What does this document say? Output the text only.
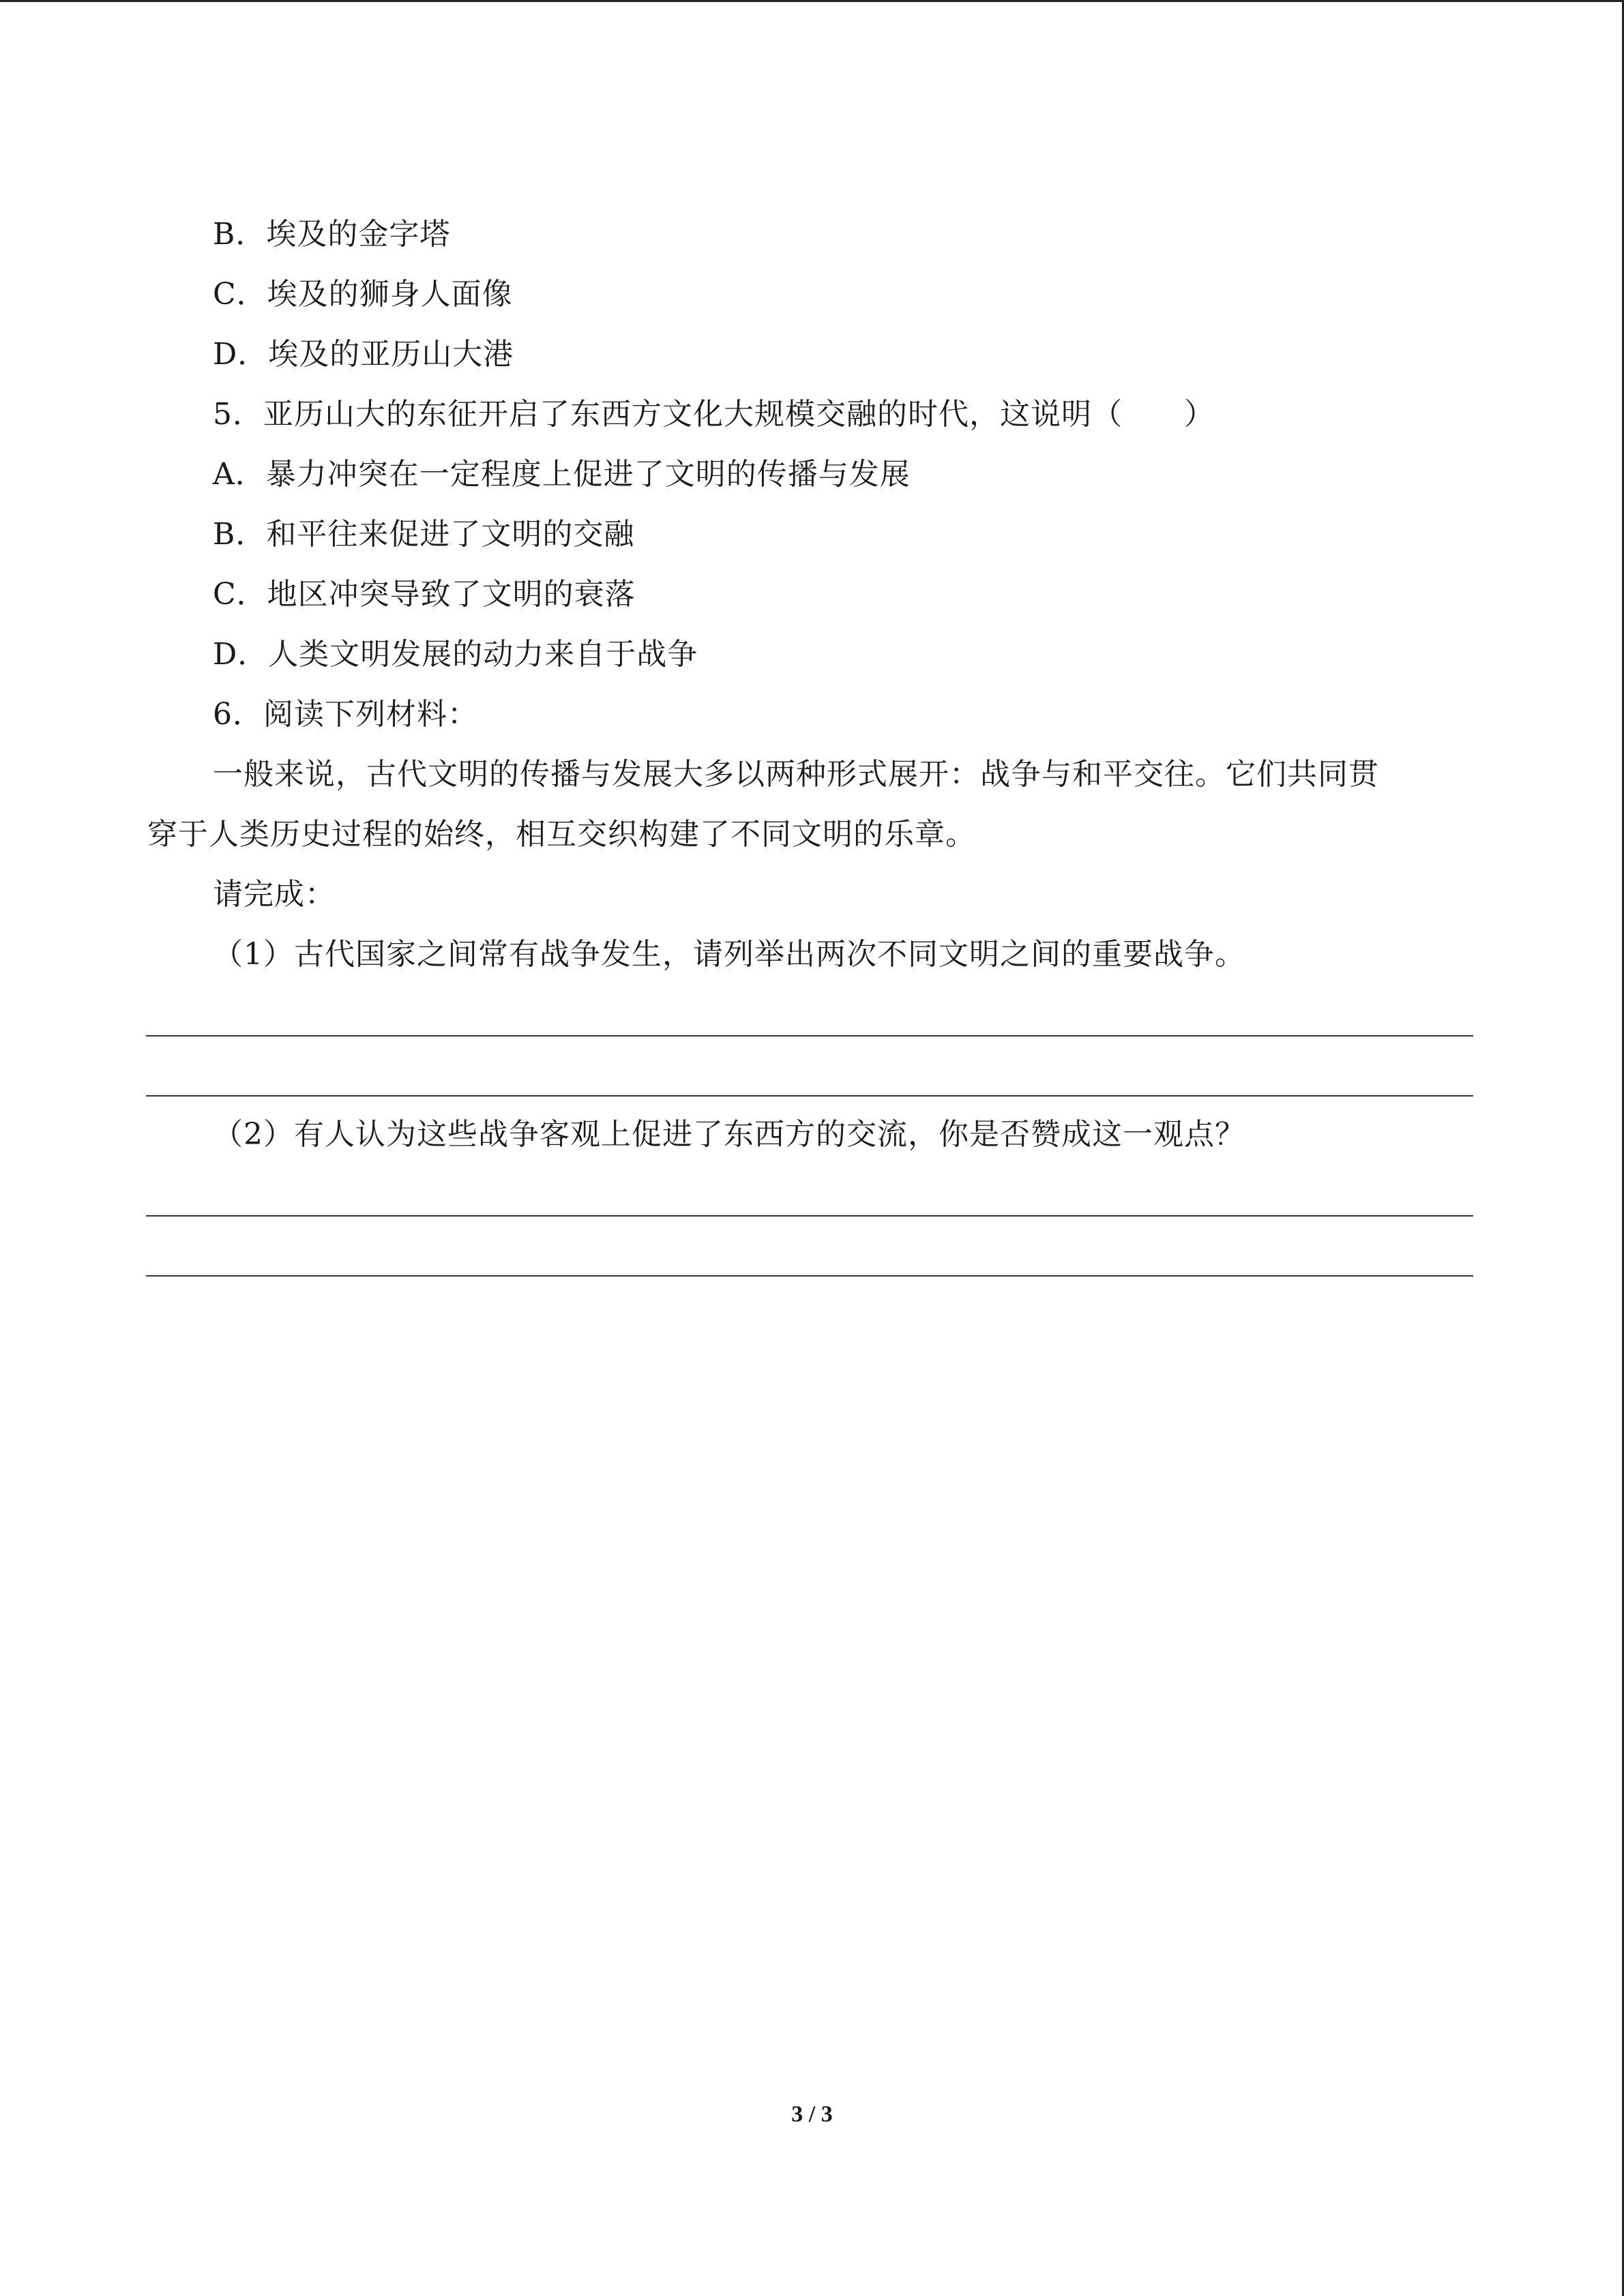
B．埃及的金字塔
C．埃及的狮身人面像
D．埃及的亚历山大港
5．亚历山大的东征开启了东西方文化大规模交融的时代，这说明（　　）
A．暴力冲突在一定程度上促进了文明的传播与发展
B．和平往来促进了文明的交融
C．地区冲突导致了文明的衰落
D．人类文明发展的动力来自于战争
6．阅读下列材料：
一般来说，古代文明的传播与发展大多以两种形式展开：战争与和平交往。它们共同贯
穿于人类历史过程的始终，相互交织构建了不同文明的乐章。
请完成：
（1）古代国家之间常有战争发生，请列举出两次不同文明之间的重要战争。
（2）有人认为这些战争客观上促进了东西方的交流，你是否赞成这一观点？
3 / 3
